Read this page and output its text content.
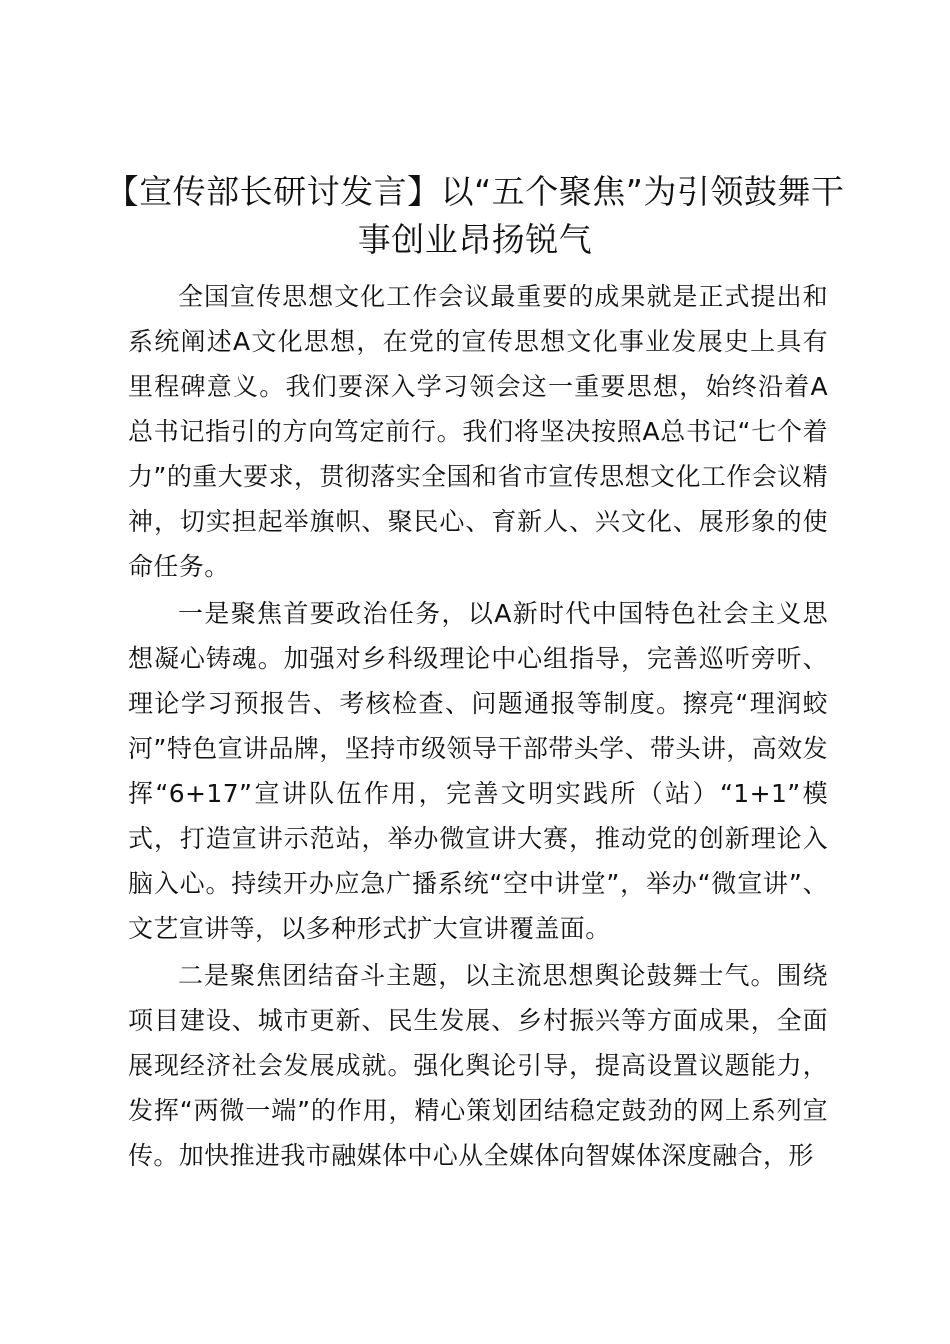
【宣传部长研讨发言】以“五个聚焦”为引领鼓舞干事创业昂扬锐气

全国宣传思想文化工作会议最重要的成果就是正式提出和系统阐述A文化思想，在党的宣传思想文化事业发展史上具有里程碑意义。我们要深入学习领会这一重要思想，始终沿着A总书记指引的方向笃定前行。我们将坚决按照A总书记“七个着力”的重大要求，贯彻落实全国和省市宣传思想文化工作会议精神，切实担起举旗帜、聚民心、育新人、兴文化、展形象的使命任务。

一是聚焦首要政治任务，以A新时代中国特色社会主义思想凝心铸魂。加强对乡科级理论中心组指导，完善巡听旁听、理论学习预报告、考核检查、问题通报等制度。擦亮“理润蛟河”特色宣讲品牌，坚持市级领导干部带头学、带头讲，高效发挥“6+17”宣讲队伍作用，完善文明实践所（站）“1+1”模式，打造宣讲示范站，举办微宣讲大赛，推动党的创新理论入脑入心。持续开办应急广播系统“空中讲堂”，举办“微宣讲”、文艺宣讲等，以多种形式扩大宣讲覆盖面。

二是聚焦团结奋斗主题，以主流思想舆论鼓舞士气。围绕项目建设、城市更新、民生发展、乡村振兴等方面成果，全面展现经济社会发展成就。强化舆论引导，提高设置议题能力，发挥“两微一端”的作用，精心策划团结稳定鼓劲的网上系列宣传。加快推进我市融媒体中心从全媒体向智媒体深度融合，形
